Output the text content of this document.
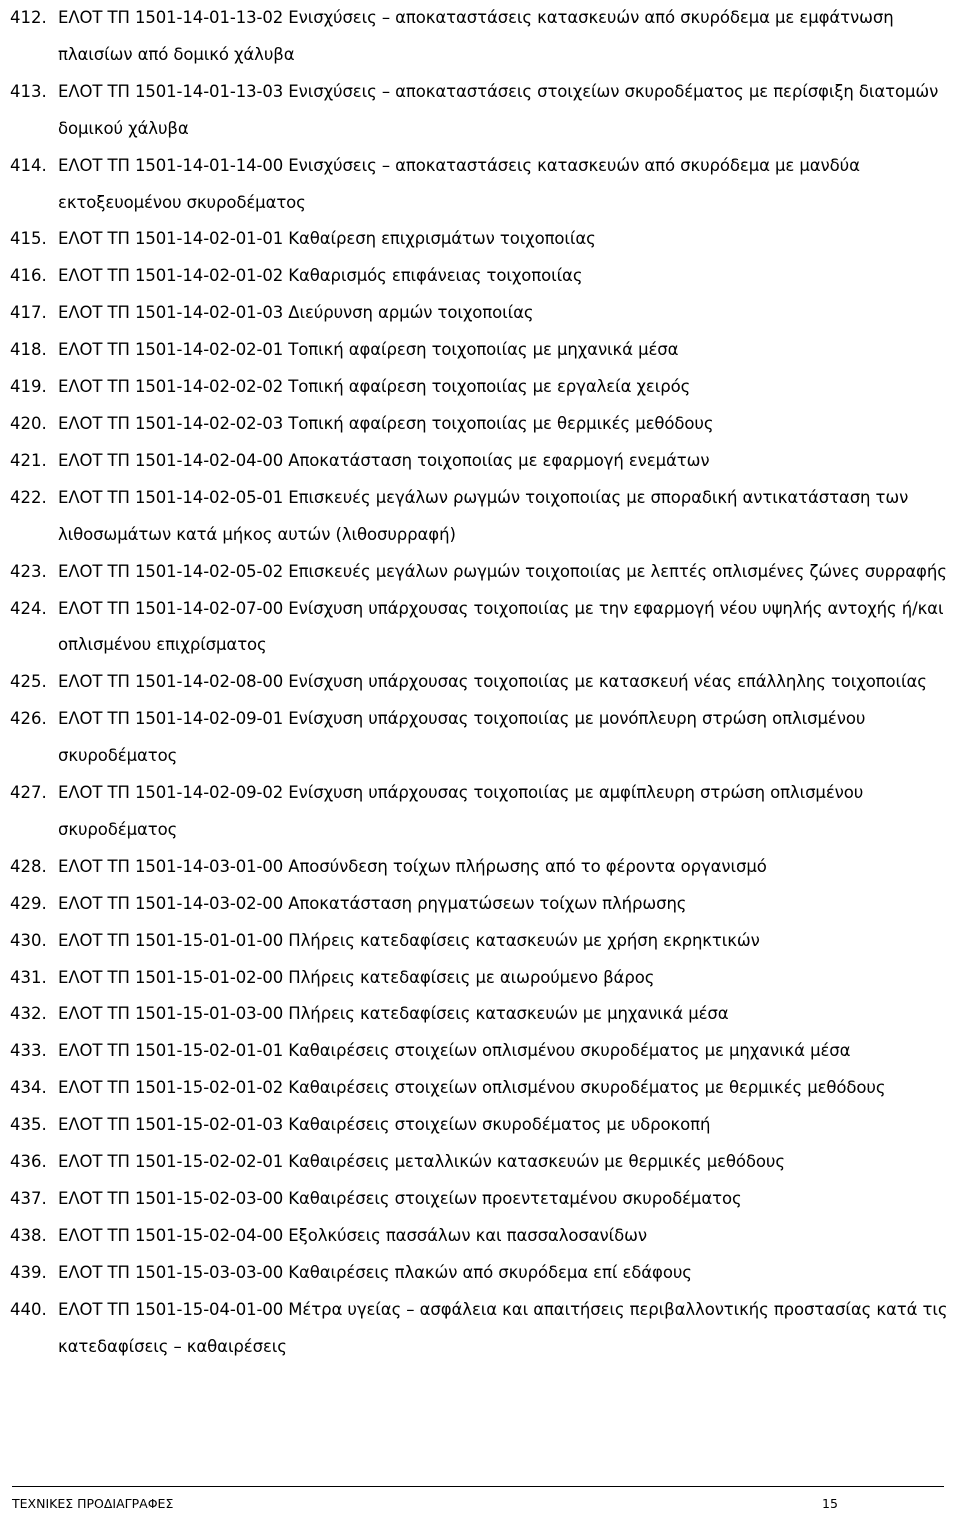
412. ΕΛΟΤ ΤΠ 1501-14-01-13-02 Ενισχύσεις – αποκαταστάσεις κατασκευών από σκυρόδεμα με εμφάτνωση πλαισίων από δομικό χάλυβα
413. ΕΛΟΤ ΤΠ 1501-14-01-13-03 Ενισχύσεις – αποκαταστάσεις στοιχείων σκυροδέματος με περίσφιξη διατομών δομικού χάλυβα
414. ΕΛΟΤ ΤΠ 1501-14-01-14-00 Ενισχύσεις – αποκαταστάσεις κατασκευών από σκυρόδεμα με μανδύα εκτοξευομένου σκυροδέματος
415. ΕΛΟΤ ΤΠ 1501-14-02-01-01 Καθαίρεση επιχρισμάτων τοιχοποιίας
416. ΕΛΟΤ ΤΠ 1501-14-02-01-02 Καθαρισμός επιφάνειας τοιχοποιίας
417. ΕΛΟΤ ΤΠ 1501-14-02-01-03 Διεύρυνση αρμών τοιχοποιίας
418. ΕΛΟΤ ΤΠ 1501-14-02-02-01 Τοπική αφαίρεση τοιχοποιίας με μηχανικά μέσα
419. ΕΛΟΤ ΤΠ 1501-14-02-02-02 Τοπική αφαίρεση τοιχοποιίας με εργαλεία χειρός
420. ΕΛΟΤ ΤΠ 1501-14-02-02-03 Τοπική αφαίρεση τοιχοποιίας με θερμικές μεθόδους
421. ΕΛΟΤ ΤΠ 1501-14-02-04-00 Αποκατάσταση τοιχοποιίας με εφαρμογή ενεμάτων
422. ΕΛΟΤ ΤΠ 1501-14-02-05-01 Επισκευές μεγάλων ρωγμών τοιχοποιίας με σποραδική αντικατάσταση των λιθοσωμάτων κατά μήκος αυτών (λιθοσυρραφή)
423. ΕΛΟΤ ΤΠ 1501-14-02-05-02 Επισκευές μεγάλων ρωγμών τοιχοποιίας με λεπτές οπλισμένες ζώνες συρραφής
424. ΕΛΟΤ ΤΠ 1501-14-02-07-00 Ενίσχυση υπάρχουσας τοιχοποιίας με την εφαρμογή νέου υψηλής αντοχής ή/και οπλισμένου επιχρίσματος
425. ΕΛΟΤ ΤΠ 1501-14-02-08-00 Ενίσχυση υπάρχουσας τοιχοποιίας με κατασκευή νέας επάλληλης τοιχοποιίας
426. ΕΛΟΤ ΤΠ 1501-14-02-09-01 Ενίσχυση υπάρχουσας τοιχοποιίας με μονόπλευρη στρώση οπλισμένου σκυροδέματος
427. ΕΛΟΤ ΤΠ 1501-14-02-09-02 Ενίσχυση υπάρχουσας τοιχοποιίας με αμφίπλευρη στρώση οπλισμένου σκυροδέματος
428. ΕΛΟΤ ΤΠ 1501-14-03-01-00 Αποσύνδεση τοίχων πλήρωσης από το φέροντα οργανισμό
429. ΕΛΟΤ ΤΠ 1501-14-03-02-00 Αποκατάσταση ρηγματώσεων τοίχων πλήρωσης
430. ΕΛΟΤ ΤΠ 1501-15-01-01-00 Πλήρεις κατεδαφίσεις κατασκευών με χρήση εκρηκτικών
431. ΕΛΟΤ ΤΠ 1501-15-01-02-00 Πλήρεις κατεδαφίσεις με αιωρούμενο βάρος
432. ΕΛΟΤ ΤΠ 1501-15-01-03-00 Πλήρεις κατεδαφίσεις κατασκευών με μηχανικά μέσα
433. ΕΛΟΤ ΤΠ 1501-15-02-01-01 Καθαιρέσεις στοιχείων οπλισμένου σκυροδέματος με μηχανικά μέσα
434. ΕΛΟΤ ΤΠ 1501-15-02-01-02 Καθαιρέσεις στοιχείων οπλισμένου σκυροδέματος με θερμικές μεθόδους
435. ΕΛΟΤ ΤΠ 1501-15-02-01-03 Καθαιρέσεις στοιχείων σκυροδέματος με υδροκοπή
436. ΕΛΟΤ ΤΠ 1501-15-02-02-01 Καθαιρέσεις μεταλλικών κατασκευών με θερμικές μεθόδους
437. ΕΛΟΤ ΤΠ 1501-15-02-03-00 Καθαιρέσεις στοιχείων προεντεταμένου σκυροδέματος
438. ΕΛΟΤ ΤΠ 1501-15-02-04-00 Εξολκύσεις πασσάλων και πασσαλοσανίδων
439. ΕΛΟΤ ΤΠ 1501-15-03-03-00 Καθαιρέσεις πλακών από σκυρόδεμα επί εδάφους
440. ΕΛΟΤ ΤΠ 1501-15-04-01-00 Μέτρα υγείας – ασφάλεια και απαιτήσεις περιβαλλοντικής προστασίας κατά τις κατεδαφίσεις – καθαιρέσεις
ΤΕΧΝΙΚΕΣ ΠΡΟΔΙΑΓΡΑΦΕΣ	15
